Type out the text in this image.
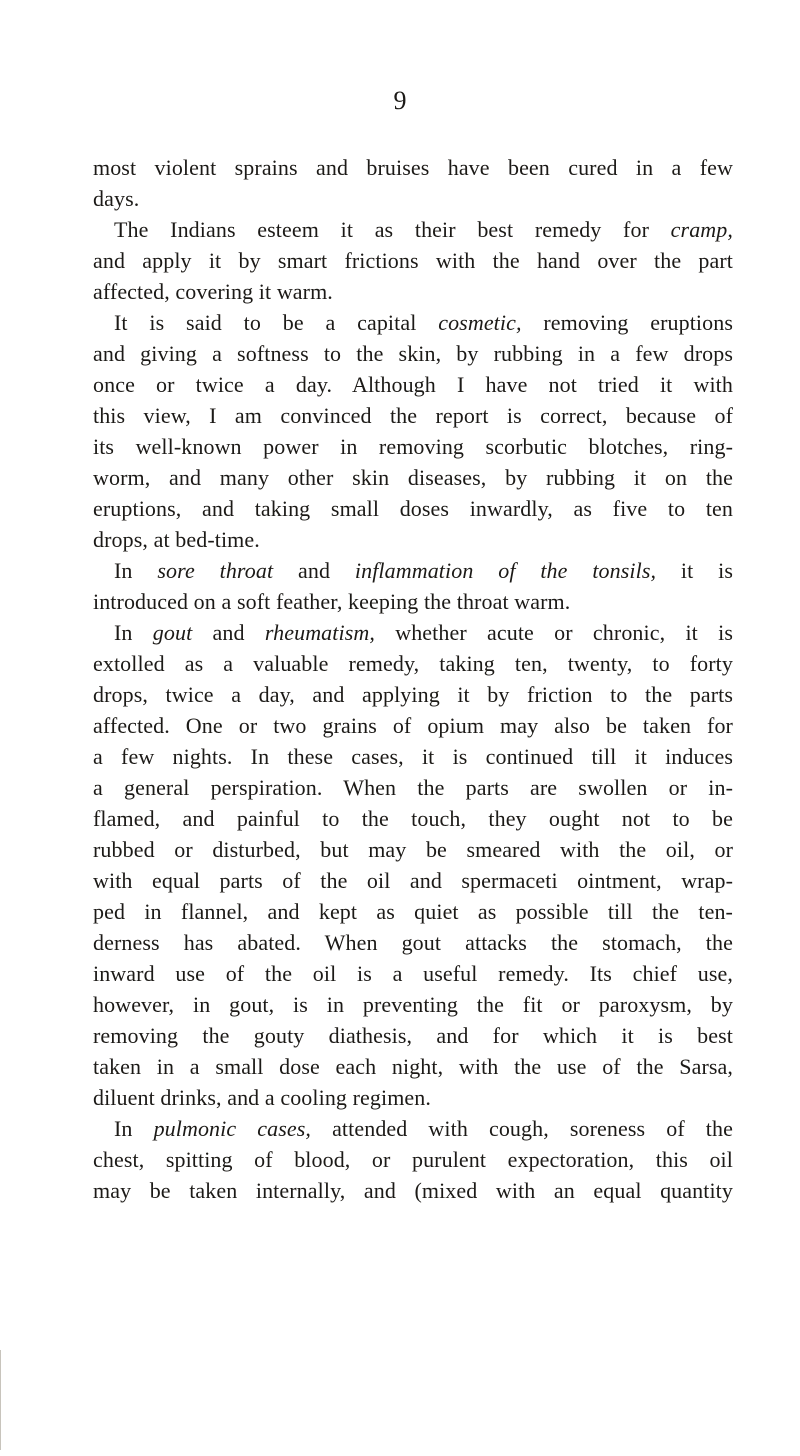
9
most violent sprains and bruises have been cured in a few
days.
The Indians esteem it as their best remedy for cramp,
and apply it by smart frictions with the hand over the part
affected, covering it warm.
It is said to be a capital cosmetic, removing eruptions
and giving a softness to the skin, by rubbing in a few drops
once or twice a day. Although I have not tried it with
this view, I am convinced the report is correct, because of
its well-known power in removing scorbutic blotches, ring-
worm, and many other skin diseases, by rubbing it on the
eruptions, and taking small doses inwardly, as five to ten
drops, at bed-time.
In sore throat and inflammation of the tonsils, it is
introduced on a soft feather, keeping the throat warm.
In gout and rheumatism, whether acute or chronic, it is
extolled as a valuable remedy, taking ten, twenty, to forty
drops, twice a day, and applying it by friction to the parts
affected. One or two grains of opium may also be taken for
a few nights. In these cases, it is continued till it induces
a general perspiration. When the parts are swollen or in-
flamed, and painful to the touch, they ought not to be
rubbed or disturbed, but may be smeared with the oil, or
with equal parts of the oil and spermaceti ointment, wrap-
ped in flannel, and kept as quiet as possible till the ten-
derness has abated. When gout attacks the stomach, the
inward use of the oil is a useful remedy. Its chief use,
however, in gout, is in preventing the fit or paroxysm, by
removing the gouty diathesis, and for which it is best
taken in a small dose each night, with the use of the Sarsa,
diluent drinks, and a cooling regimen.
In pulmonic cases, attended with cough, soreness of the
chest, spitting of blood, or purulent expectoration, this oil
may be taken internally, and (mixed with an equal quantity
